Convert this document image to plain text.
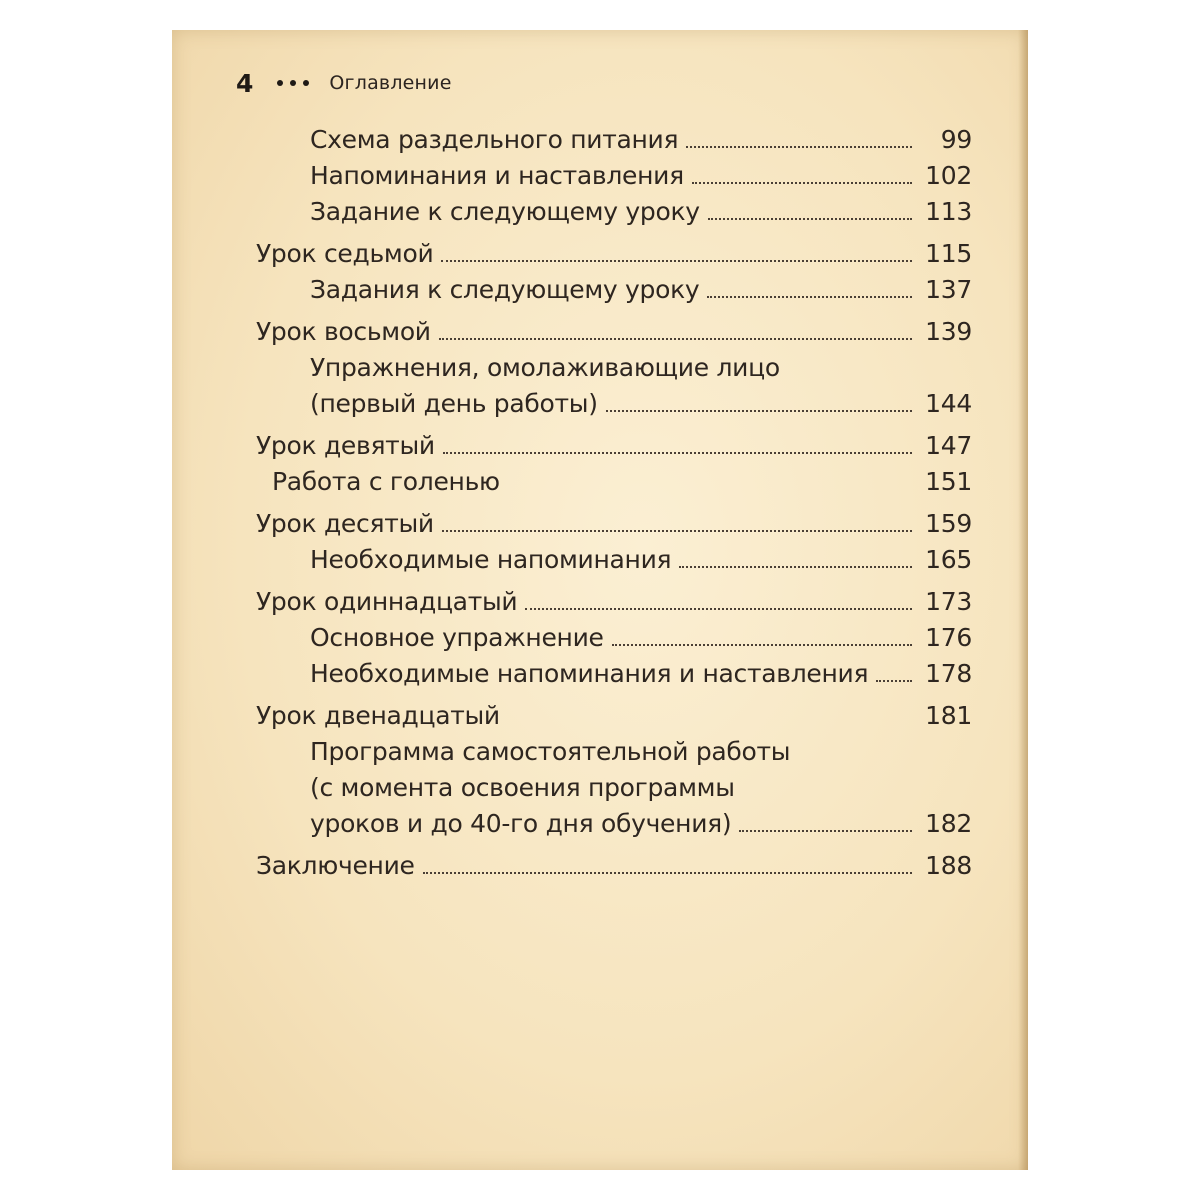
4	Оглавление
Схема раздельного питания	99
Напоминания и наставления	102
Задание к следующему уроку	113
Урок седьмой	115
Задания к следующему уроку	137
Урок восьмой	139
Упражнения, омолаживающие лицо
(первый день работы)	144
Урок девятый	147
Работа с голенью	151
Урок десятый	159
Необходимые напоминания	165
Урок одиннадцатый	173
Основное упражнение	176
Необходимые напоминания и наставления 178
Урок двенадцатый	181
Программа самостоятельной работы
(с момента освоения программы
уроков и до 40-го дня обучения)	182
Заключение	188
